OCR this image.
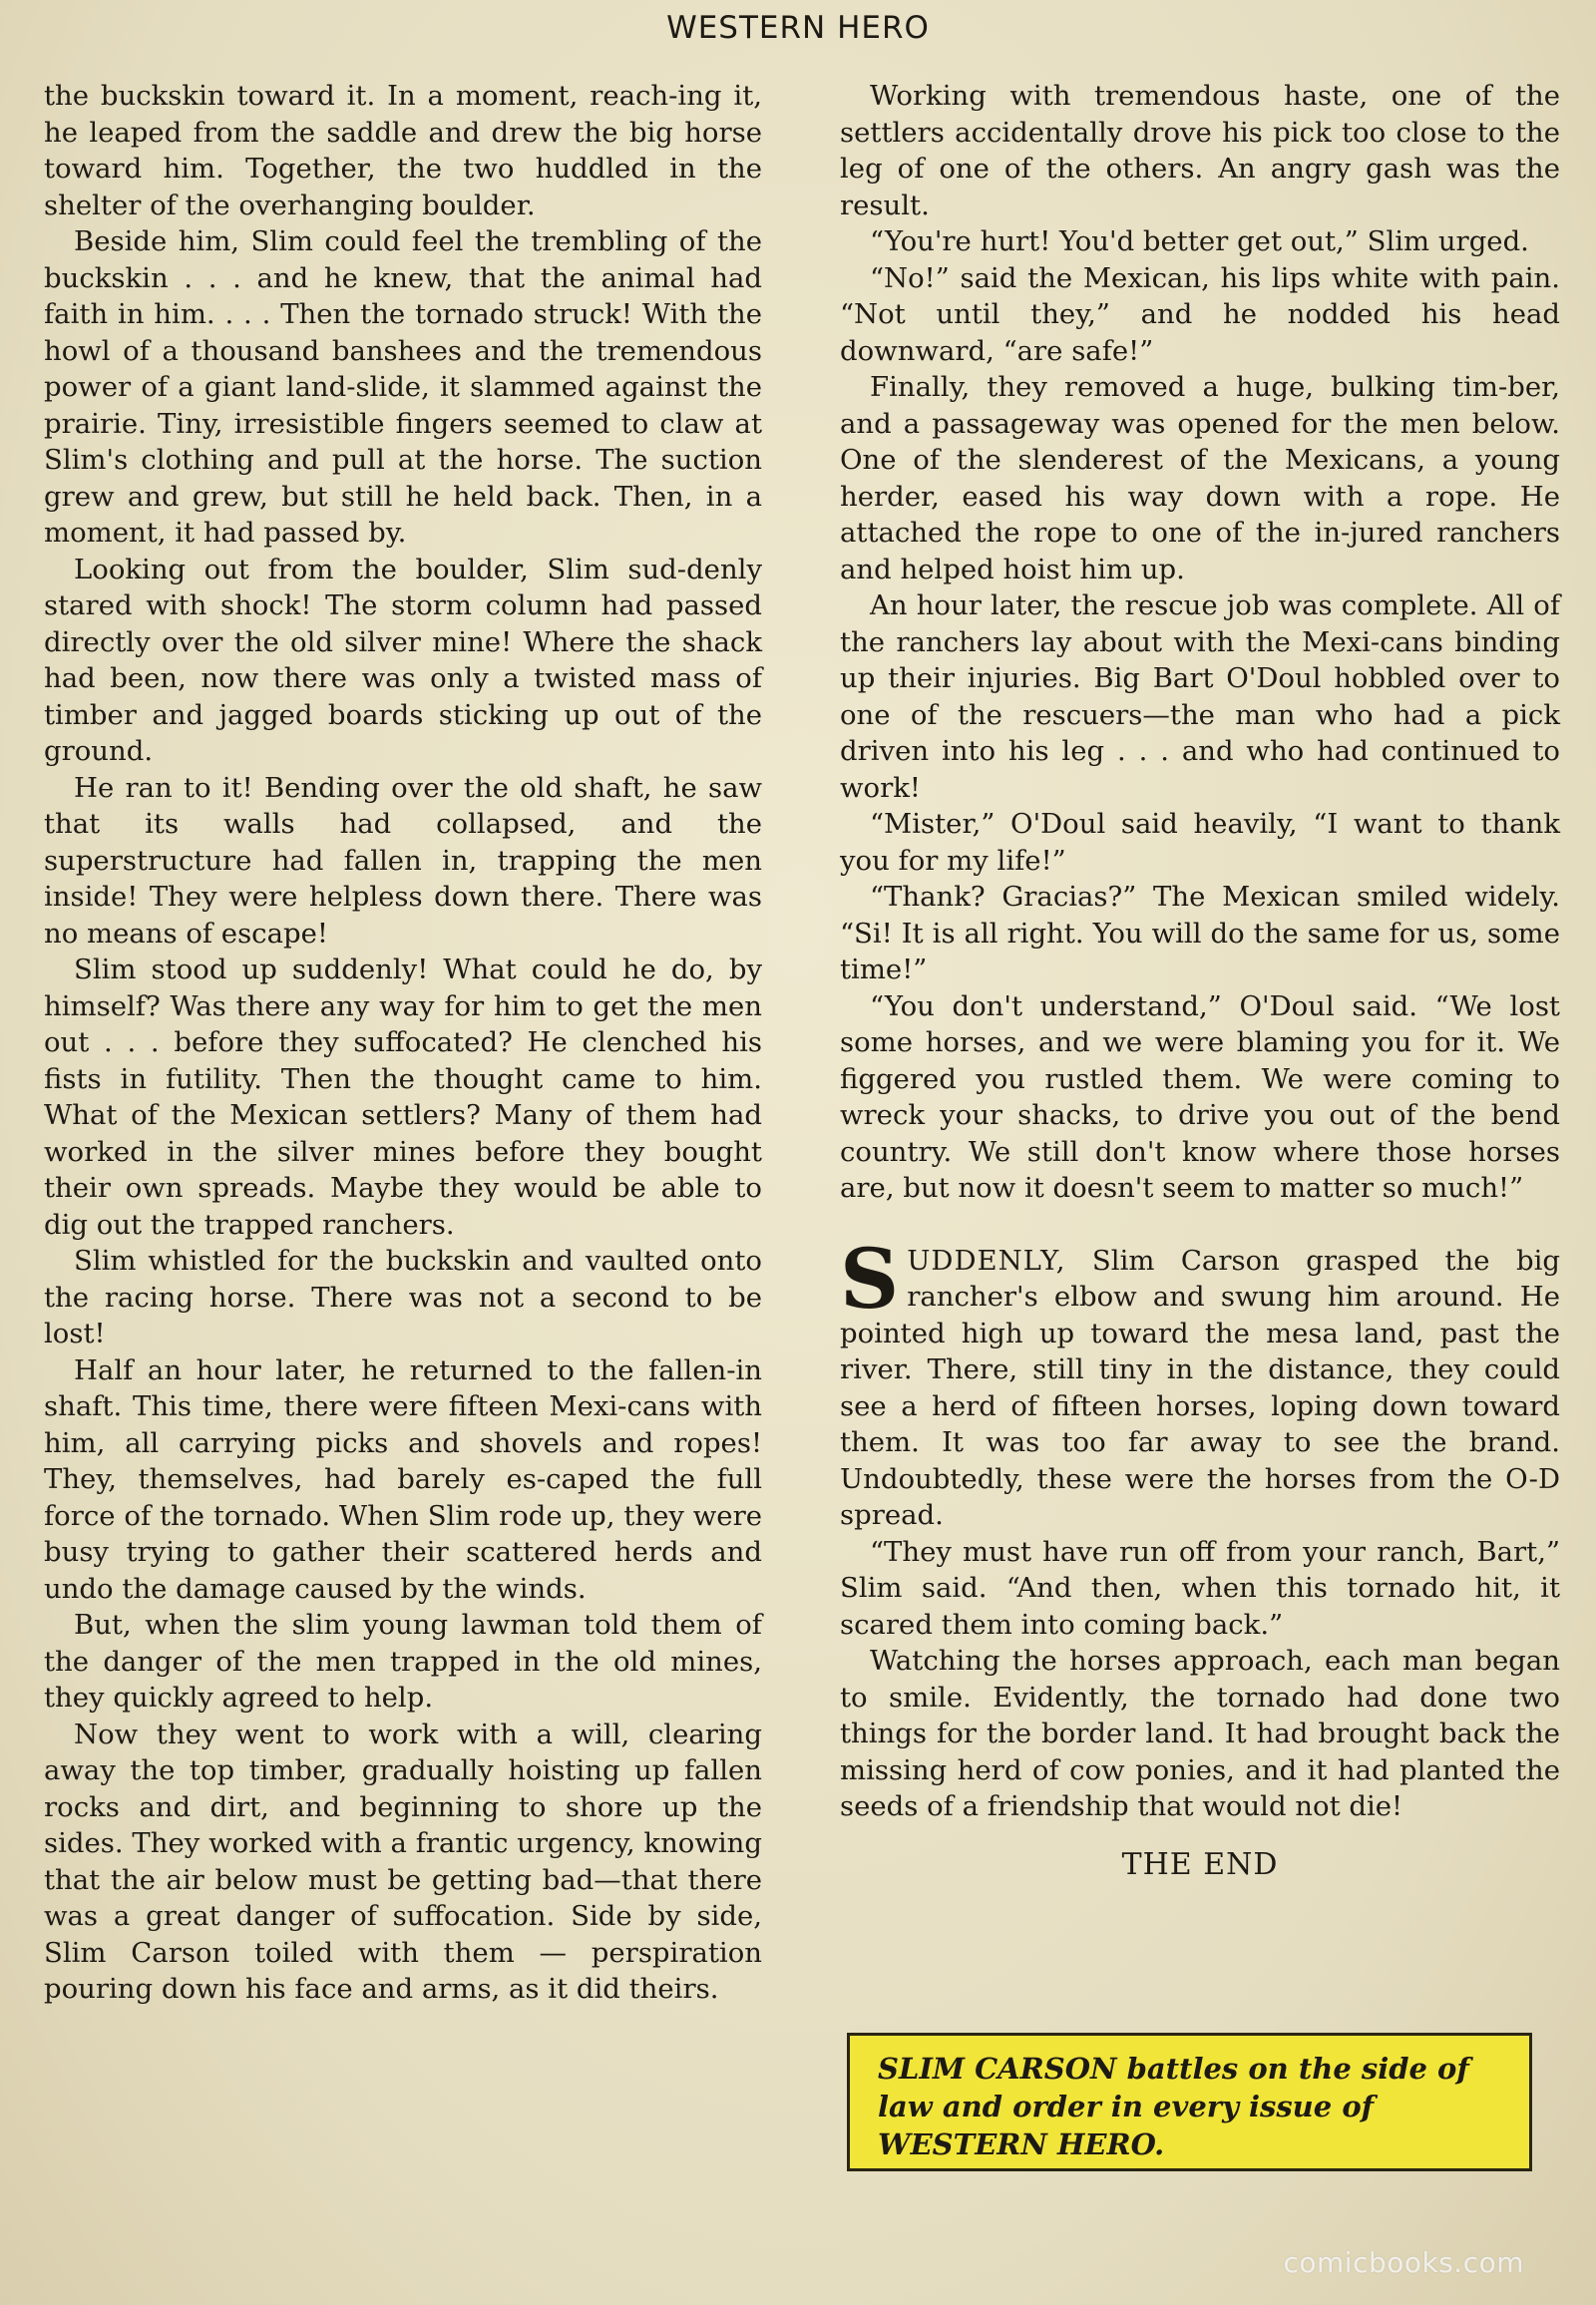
WESTERN HERO

the buckskin toward it. In a moment, reach-ing it, he leaped from the saddle and drew the big horse toward him. Together, the two huddled in the shelter of the overhanging boulder.

Beside him, Slim could feel the trembling of the buckskin . . . and he knew, that the animal had faith in him. . . . Then the tornado struck! With the howl of a thousand banshees and the tremendous power of a giant land-slide, it slammed against the prairie. Tiny, irresistible fingers seemed to claw at Slim's clothing and pull at the horse. The suction grew and grew, but still he held back. Then, in a moment, it had passed by.

Looking out from the boulder, Slim sud-denly stared with shock! The storm column had passed directly over the old silver mine! Where the shack had been, now there was only a twisted mass of timber and jagged boards sticking up out of the ground.

He ran to it! Bending over the old shaft, he saw that its walls had collapsed, and the superstructure had fallen in, trapping the men inside! They were helpless down there. There was no means of escape!

Slim stood up suddenly! What could he do, by himself? Was there any way for him to get the men out . . . before they suffocated? He clenched his fists in futility. Then the thought came to him. What of the Mexican settlers? Many of them had worked in the silver mines before they bought their own spreads. Maybe they would be able to dig out the trapped ranchers.

Slim whistled for the buckskin and vaulted onto the racing horse. There was not a second to be lost!

Half an hour later, he returned to the fallen-in shaft. This time, there were fifteen Mexi-cans with him, all carrying picks and shovels and ropes! They, themselves, had barely es-caped the full force of the tornado. When Slim rode up, they were busy trying to gather their scattered herds and undo the damage caused by the winds.

But, when the slim young lawman told them of the danger of the men trapped in the old mines, they quickly agreed to help.

Now they went to work with a will, clearing away the top timber, gradually hoisting up fallen rocks and dirt, and beginning to shore up the sides. They worked with a frantic urgency, knowing that the air below must be getting bad—that there was a great danger of suffocation. Side by side, Slim Carson toiled with them — perspiration pouring down his face and arms, as it did theirs.

Working with tremendous haste, one of the settlers accidentally drove his pick too close to the leg of one of the others. An angry gash was the result.

“You're hurt! You'd better get out,” Slim urged.

“No!” said the Mexican, his lips white with pain. “Not until they,” and he nodded his head downward, “are safe!”

Finally, they removed a huge, bulking tim-ber, and a passageway was opened for the men below. One of the slenderest of the Mexicans, a young herder, eased his way down with a rope. He attached the rope to one of the in-jured ranchers and helped hoist him up.

An hour later, the rescue job was complete. All of the ranchers lay about with the Mexi-cans binding up their injuries. Big Bart O'Doul hobbled over to one of the rescuers—the man who had a pick driven into his leg . . . and who had continued to work!

“Mister,” O'Doul said heavily, “I want to thank you for my life!”

“Thank? Gracias?” The Mexican smiled widely. “Si! It is all right. You will do the same for us, some time!”

“You don't understand,” O'Doul said. “We lost some horses, and we were blaming you for it. We figgered you rustled them. We were coming to wreck your shacks, to drive you out of the bend country. We still don't know where those horses are, but now it doesn't seem to matter so much!”

SUDDENLY, Slim Carson grasped the big rancher's elbow and swung him around. He pointed high up toward the mesa land, past the river. There, still tiny in the distance, they could see a herd of fifteen horses, loping down toward them. It was too far away to see the brand. Undoubtedly, these were the horses from the O-D spread.

“They must have run off from your ranch, Bart,” Slim said. “And then, when this tornado hit, it scared them into coming back.”

Watching the horses approach, each man began to smile. Evidently, the tornado had done two things for the border land. It had brought back the missing herd of cow ponies, and it had planted the seeds of a friendship that would not die!

THE END
SLIM CARSON battles on the side of law and order in every issue of WESTERN HERO.
comicbooks.com
